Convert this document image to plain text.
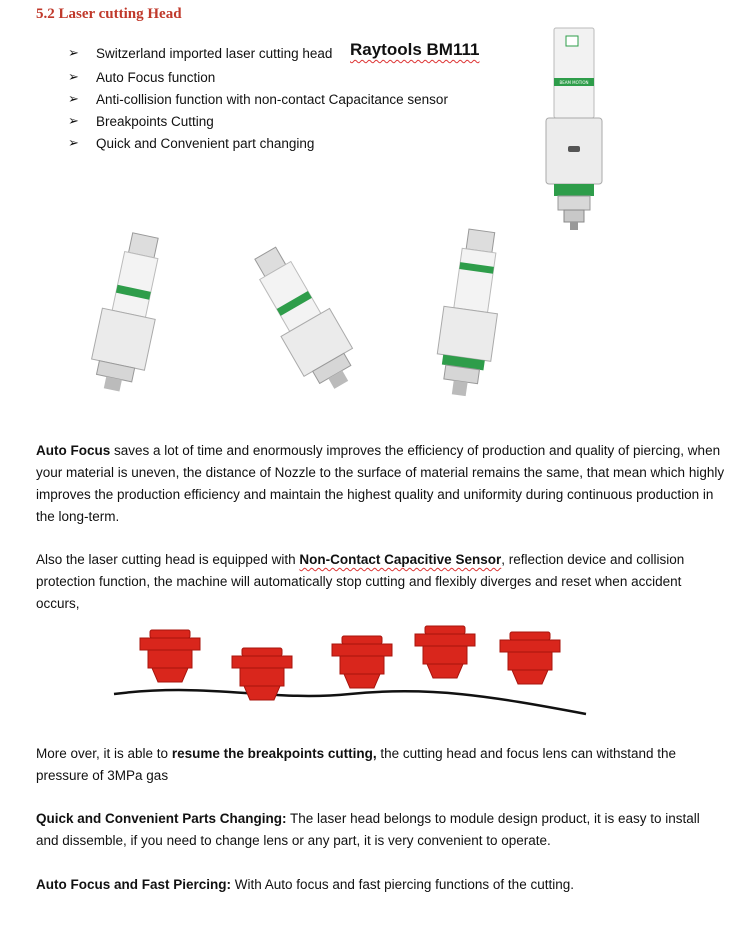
5.2 Laser cutting Head
➢	Switzerland imported laser cutting head
➢	Auto Focus function
➢	Anti-collision function with non-contact Capacitance sensor
➢	Breakpoints Cutting
➢	Quick and Convenient part changing
Raytools BM111
BEAM MOTION

Auto Focus saves a lot of time and enormously improves the efficiency of production and quality of piercing, when your material is uneven, the distance of Nozzle to the surface of material remains the same, that mean which highly improves the production efficiency and maintain the highest quality and uniformity during continuous production in the long-term.

Also the laser cutting head is equipped with Non-Contact Capacitive Sensor, reflection device and collision protection function, the machine will automatically stop cutting and flexibly diverges and reset when accident occurs,

More over, it is able to resume the breakpoints cutting, the cutting head and focus lens can withstand the pressure of 3MPa gas

Quick and Convenient Parts Changing: The laser head belongs to module design product, it is easy to install and dissemble, if you need to change lens or any part, it is very convenient to operate.

Auto Focus and Fast Piercing: With Auto focus and fast piercing functions of the cutting.
